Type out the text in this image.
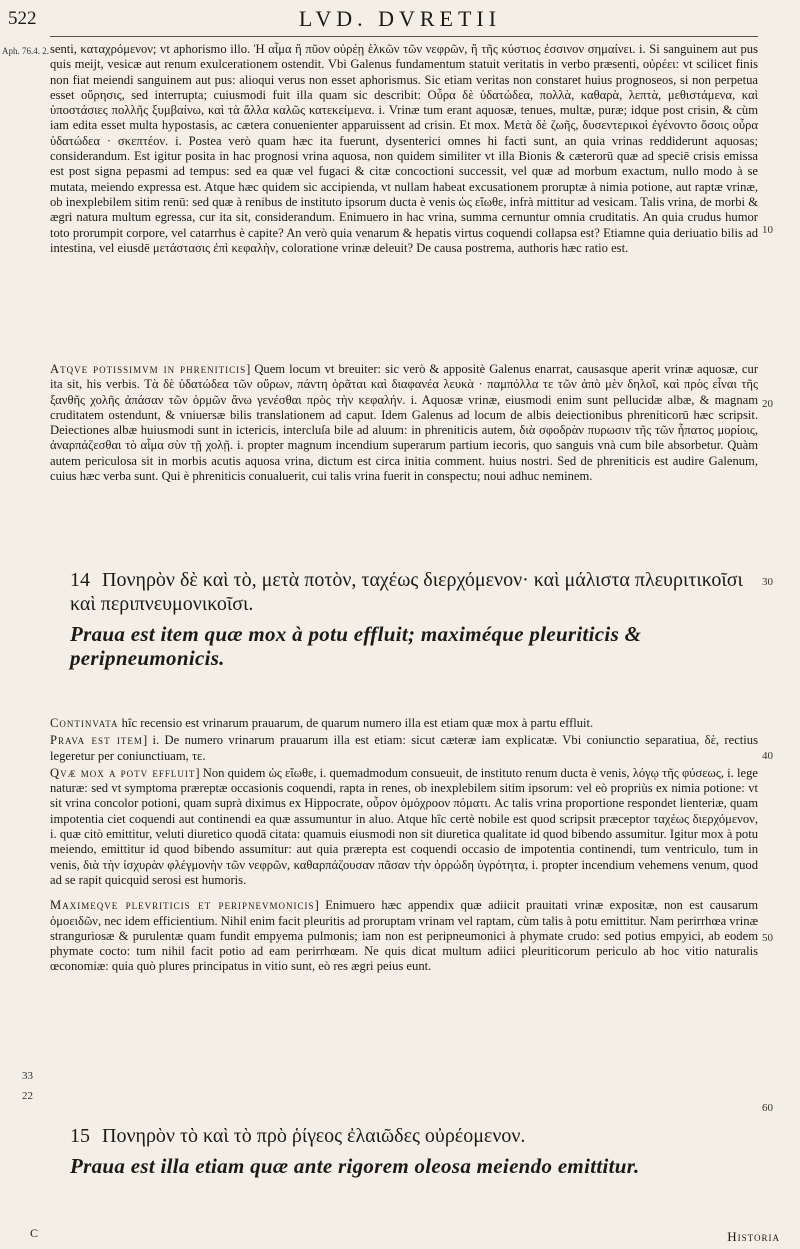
522	LVD. DVRETII
Aph. 76.4. 2.
10
20
30
40
50
60
33
22

senti, καταχρόμενον; vt aphorismo illo. Ἠ αἷμα ἢ πῦον οὐρέῃ ἑλκῶν τῶν νεφρῶν, ἢ τῆς κύστιος ἐσσινον σημαίνει. i. Si sanguinem aut pus quis meijt, vesicæ aut renum exulcerationem ostendit. Vbi Galenus fundamentum statuit veritatis in verbo præsenti, οὐρέει: vt scilicet finis non fiat meiendi sanguinem aut pus: alioqui verus non esset aphorismus. Sic etiam veritas non constaret huius prognoseos, si non perpetua esset οὔρησις, sed interrupta; cuiusmodi fuit illa quam sic describit: Οὖρα δὲ ὑδατώδεα, πολλὰ, καθαρὰ, λεπτὰ, μεθιστάμενα, καὶ ὑποστάσιες πολλῆς ξυμβαίνω, καὶ τὰ ἄλλα καλῶς κατεκείμενα. i. Vrinæ tum erant aquosæ, tenues, multæ, puræ; idque post crisin, & cùm iam edita esset multa hypostasis, ac cætera conuenienter apparuissent ad crisin. Et mox. Μετὰ δὲ ζωῆς, δυσεντερικοὶ ἐγένοντο ὅσοις οὖρα ὑδατώδεα · σκεπτέον. i. Postea verò quam hæc ita fuerunt, dysenterici omnes hi facti sunt, an quia vrinas reddiderunt aquosas; considerandum. Est igitur posita in hac prognosi vrina aquosa, non quidem similiter vt illa Bionis & cæterorū quæ ad speciē crisis emissa est post signa pepasmi ad tempus: sed ea quæ vel fugaci & citæ concoctioni successit, vel quæ ad morbum exactum, nullo modo à se mutata, meiendo expressa est. Atque hæc quidem sic accipienda, vt nullam habeat excusationem proruptæ à nimia potione, aut raptæ vrinæ, ob inexplebilem sitim renū: sed quæ à renibus de instituto ipsorum ducta è venis ὡς εἴωθε, infrà mittitur ad vesicam. Talis vrina, de morbi & ægri natura multum egressa, cur ita sit, considerandum. Enimuero in hac vrina, summa cernuntur omnia cruditatis. An quia crudus humor toto prorumpit corpore, vel catarrhus è capite? An verò quia venarum & hepatis virtus coquendi collapsa est? Etiamne quia deriuatio bilis ad intestina, vel eiusdē μετάστασις ἐπὶ κεφαλὴν, coloratione vrinæ deleuit? De causa postrema, authoris hæc ratio est.

Atqve potissimvm in phreniticis] Quem locum vt breuiter: sic verò & appositè Galenus enarrat, causasque aperit vrinæ aquosæ, cur ita sit, his verbis. Τὰ δὲ ὑδατώδεα τῶν οὔρων, πάντη ὁρᾶται καὶ διαφανέα λευκὰ · παμπόλλα τε τῶν ἀπὸ μὲν δηλοῖ, καὶ πρὸς εἶναι τῆς ξανθῆς χολῆς ἀπάσαν τῶν ὁρμῶν ἄνω γενέσθαι πρὸς τὴν κεφαλήν. i. Aquosæ vrinæ, eiusmodi enim sunt pellucidæ albæ, & magnam cruditatem ostendunt, & vniuersæ bilis translationem ad caput. Idem Galenus ad locum de albis deiectionibus phreniticorū hæc scripsit. Deiectiones albæ huiusmodi sunt in ictericis, intercluſa bile ad aluum: in phreniticis autem, διὰ σφοδρὰν πυρωσιν τῆς τῶν ἧπατος μορίοις, ἀναρπάζεσθαι τὸ αἷμα σὺν τῇ χολῇ. i. propter magnum incendium superarum partium iecoris, quo sanguis vnà cum bile absorbetur. Quàm autem periculosa sit in morbis acutis aquosa vrina, dictum est circa initia comment. huius nostri. Sed de phreniticis est audire Galenum, cuius hæc verba sunt. Qui è phreniticis conualuerit, cui talis vrina fuerit in conspectu; noui adhuc neminem.

14 Πονηρὸν δὲ καὶ τὸ, μετὰ ποτὸν, ταχέως διερχόμενον· καὶ μάλιστα πλευριτικοῖσι καὶ περιπνευμονικοῖσι.
Praua est item quæ mox à potu effluit; maximéque pleuriticis & peripneumonicis.

Continvata hîc recensio est vrinarum prauarum, de quarum numero illa est etiam quæ mox à partu effluit.

Prava est item] i. De numero vrinarum prauarum illa est etiam: sicut cæteræ iam explicatæ. Vbi coniunctio separatiua, δὲ, rectius legeretur per coniunctiuam, τε.

Qvæ mox a potv effluit] Non quidem ὡς εἴωθε, i. quemadmodum consueuit, de instituto renum ducta è venis, λόγῳ τῆς φύσεως, i. lege naturæ: sed vt symptoma præreptæ occasionis coquendi, rapta in renes, ob inexplebilem sitim ipsorum: vel eò propriùs ex nimia potione: vt sit vrina concolor potioni, quam suprà diximus ex Hippocrate, οὖρον ὁμόχροον πόματι. Ac talis vrina proportione respondet lienteriæ, quam impotentia ciet coquendi aut continendi ea quæ assumuntur in aluo. Atque hîc certè nobile est quod scripsit præceptor ταχέως διερχόμενον, i. quæ citò emittitur, veluti diuretico quodā citata: quamuis eiusmodi non sit diuretica qualitate id quod bibendo assumitur. Igitur mox à potu meiendo, emittitur id quod bibendo assumitur: aut quia prærepta est coquendi occasio de impotentia continendi, tum ventriculo, tum in venis, διὰ τὴν ἰσχυρὰν φλέγμονὴν τῶν νεφρῶν, καθαρπάζουσαν πᾶσαν τὴν ὀρρώδη ὑγρότητα, i. propter incendium vehemens venum, quod ad se rapit quicquid serosi est humoris.

Maximeqve plevriticis et peripnevmonicis] Enimuero hæc appendix quæ adiicit prauitati vrinæ expositæ, non est causarum ὁμοειδῶν, nec idem efficientium. Nihil enim facit pleuritis ad proruptam vrinam vel raptam, cùm talis à potu emittitur. Nam perirrhœa vrinæ stranguriosæ & purulentæ quam fundit empyema pulmonis; iam non est peripneumonici à phymate crudo: sed potius empyici, ab eodem phymate cocto: tum nihil facit potio ad eam perirrhœam. Ne quis dicat multum adiici pleuriticorum periculo ab hoc vitio naturalis œconomiæ: quia quò plures principatus in vitio sunt, eò res ægri peius eunt.

15 Πονηρὸν τὸ καὶ τὸ πρὸ ῥίγεος ἐλαιῶδες οὐρέομενον.
Praua est illa etiam quæ ante rigorem oleosa meiendo emittitur.
C	Historia
